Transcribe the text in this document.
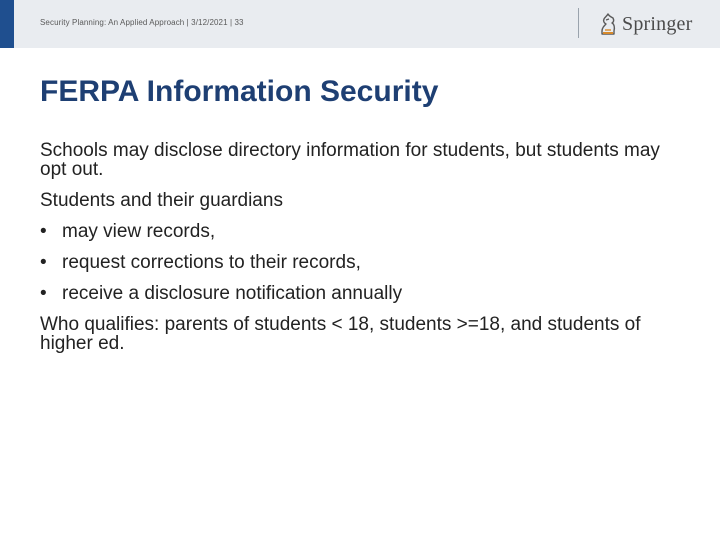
Security Planning: An Applied Approach | 3/12/2021 | 33	Springer
FERPA Information Security
Schools may disclose directory information for students, but students may opt out.
Students and their guardians
• may view records,
• request corrections to their records,
• receive a disclosure notification annually
Who qualifies: parents of students < 18, students >=18, and students of higher ed.
